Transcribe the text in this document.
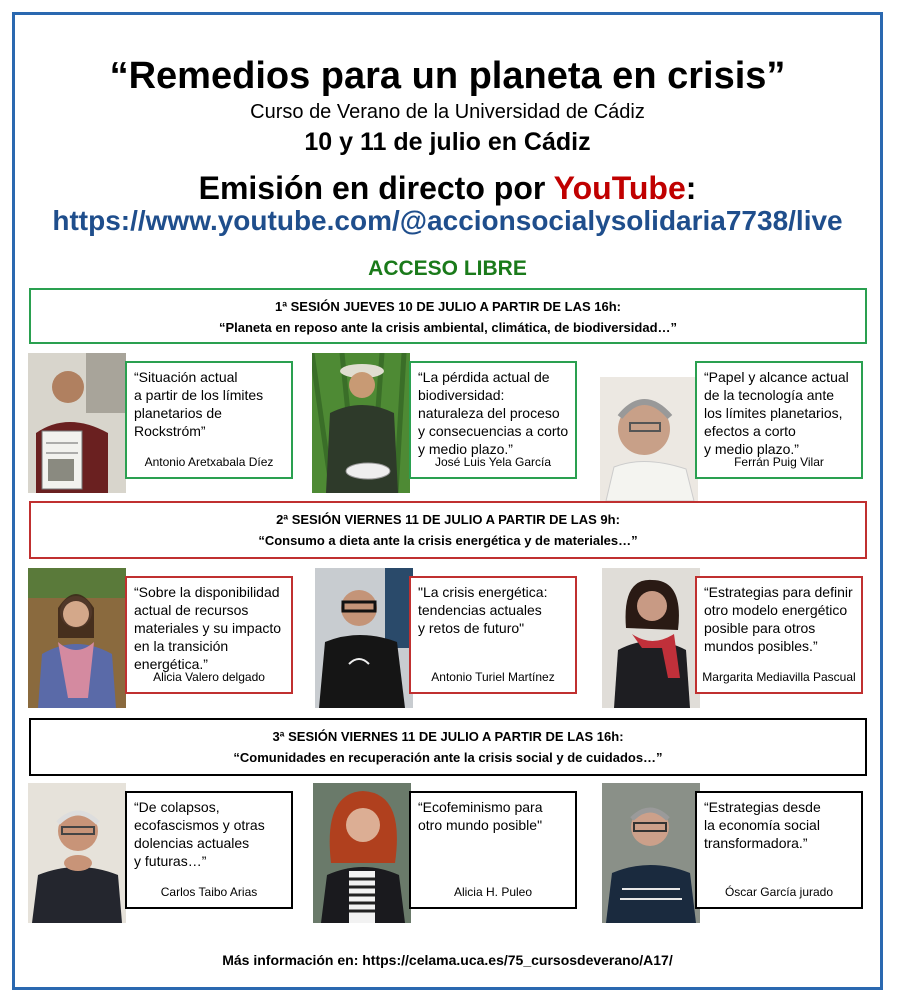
“Remedios para un planeta en crisis”
Curso de Verano de la Universidad de Cádiz
10 y 11 de julio en Cádiz
Emisión en directo por YouTube:
https://www.youtube.com/@accionsocialysolidaria7738/live
ACCESO LIBRE
1ª SESIÓN JUEVES 10 DE JULIO A PARTIR DE LAS 16h:
“Planeta en reposo ante la crisis ambiental, climática, de biodiversidad…”
“Situación actual
a partir de los límites
planetarios de
Rockstróm”
Antonio Aretxabala Díez
“La pérdida actual de
biodiversidad:
naturaleza del proceso
y consecuencias a corto
y medio plazo.”
José Luis Yela García
“Papel y alcance actual
de la tecnología ante
los límites planetarios,
efectos a corto
y medio plazo.”
Ferrán Puig Vilar
2ª SESIÓN VIERNES 11 DE JULIO A PARTIR DE LAS 9h:
“Consumo a dieta ante la crisis energética y de materiales…”
“Sobre la disponibilidad
actual de recursos
materiales y su impacto
en la transición
energética.”
Alicia Valero delgado
"La crisis energética:
tendencias actuales
y retos de futuro"
Antonio Turiel Martínez
“Estrategias para definir
otro modelo energético
posible para otros
mundos posibles.”
Margarita Mediavilla Pascual
3ª SESIÓN VIERNES 11 DE JULIO A PARTIR DE LAS 16h:
“Comunidades en recuperación ante la crisis social y de cuidados…”
“De colapsos,
ecofascismos y otras
dolencias actuales
y futuras…”
Carlos Taibo Arias
“Ecofeminismo para
otro mundo posible"
Alicia H. Puleo
“Estrategias desde
la economía social
transformadora.”
Óscar García jurado
Más información en: https://celama.uca.es/75_cursosdeverano/A17/
